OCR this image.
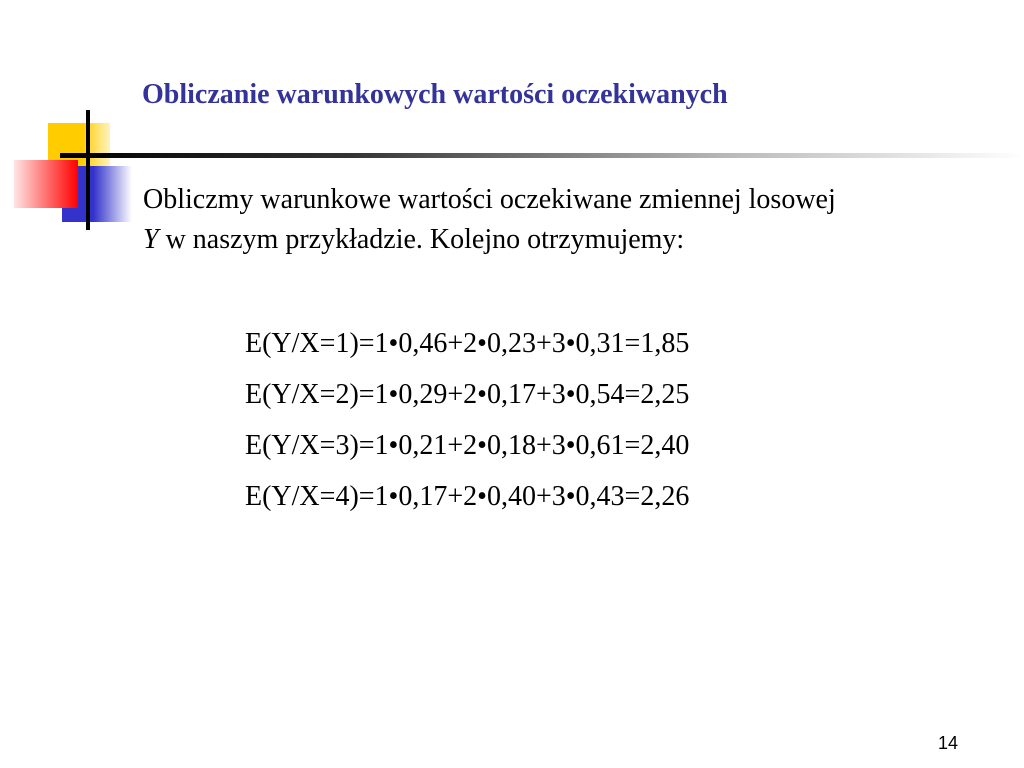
Obliczanie warunkowych wartości oczekiwanych
Obliczmy warunkowe wartości oczekiwane zmiennej losowej
Y w naszym przykładzie. Kolejno otrzymujemy:
E(Y/X=1)=1•0,46+2•0,23+3•0,31=1,85
E(Y/X=2)=1•0,29+2•0,17+3•0,54=2,25
E(Y/X=3)=1•0,21+2•0,18+3•0,61=2,40
E(Y/X=4)=1•0,17+2•0,40+3•0,43=2,26
14
